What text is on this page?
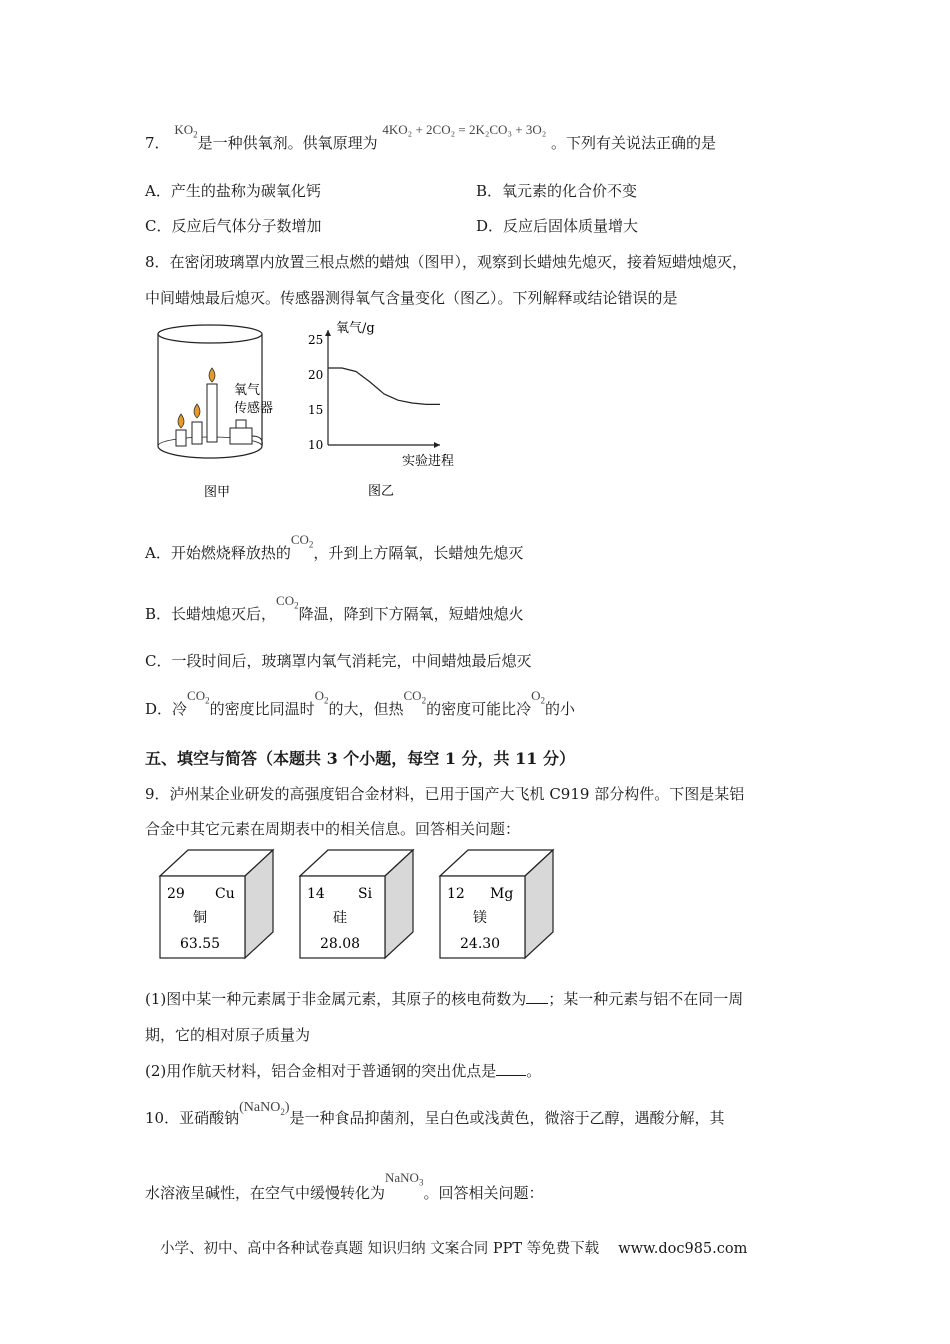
7． $KO_2$是一种供氧剂。供氧原理为 4KO₂ + 2CO₂ = 2K₂CO₃ + 3O₂ 。下列有关说法正确的是
A．产生的盐称为碳氧化钙	B．氧元素的化合价不变
C．反应后气体分子数增加	D．反应后固体质量增大
8．在密闭玻璃罩内放置三根点燃的蜡烛（图甲），观察到长蜡烛先熄灭，接着短蜡烛熄灭，
中间蜡烛最后熄灭。传感器测得氧气含量变化（图乙）。下列解释或结论错误的是
氧气
传感器
图甲
25
20
15
10
氧气/g
实验进程
图乙
A．开始燃烧释放热的$CO_2$，升到上方隔氧，长蜡烛先熄灭
B．长蜡烛熄灭后，$CO_2$降温，降到下方隔氧，短蜡烛熄火
C．一段时间后，玻璃罩内氧气消耗完，中间蜡烛最后熄灭
D．冷$CO_2$的密度比同温时$O_2$的大，但热$CO_2$的密度可能比冷$O_2$的小
五、填空与简答（本题共 3 个小题，每空 1 分，共 11 分）
9．泸州某企业研发的高强度铝合金材料，已用于国产大飞机 C919 部分构件。下图是某铝
合金中其它元素在周期表中的相关信息。回答相关问题：
29 Cu
铜
63.55
14 Si
硅
28.08
12 Mg
镁
24.30
(1)图中某一种元素属于非金属元素，其原子的核电荷数为 ；某一种元素与铝不在同一周
期，它的相对原子质量为
(2)用作航天材料，铝合金相对于普通钢的突出优点是 。
10．亚硝酸钠(NaNO$_2$)是一种食品抑菌剂，呈白色或浅黄色，微溶于乙醇，遇酸分解，其
水溶液呈碱性，在空气中缓慢转化为NaNO$_3$。回答相关问题：
小学、初中、高中各种试卷真题 知识归纳 文案合同 PPT 等免费下载　 www.doc985.com
